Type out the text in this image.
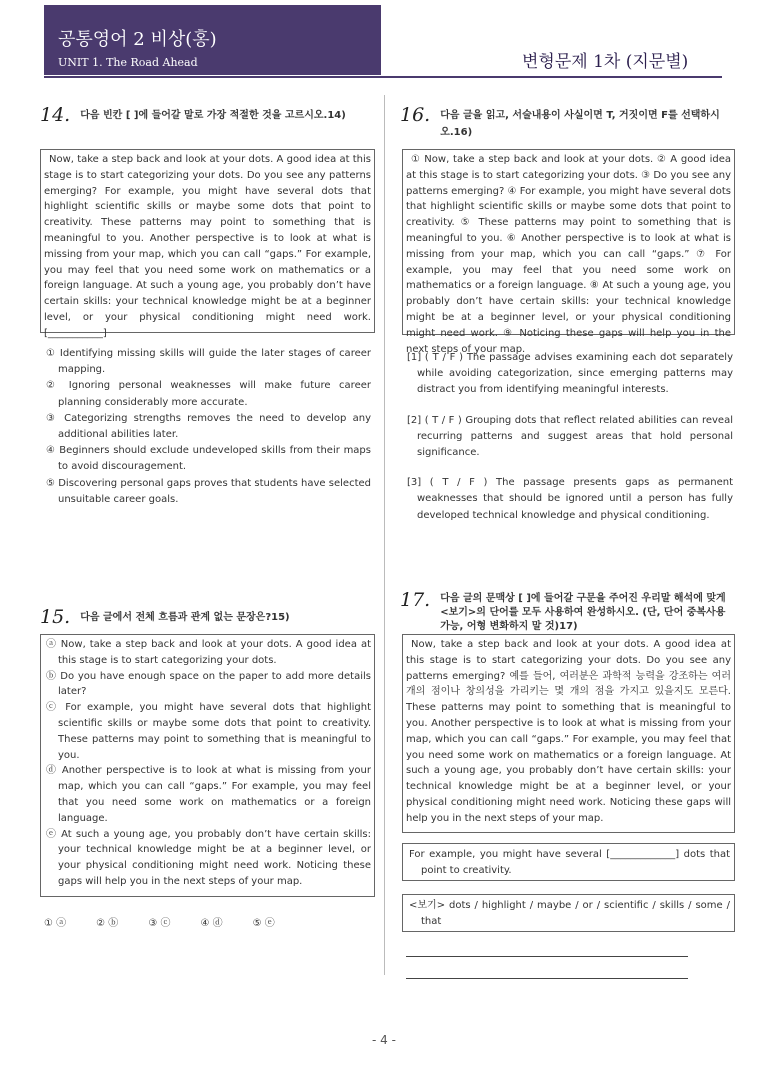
공통영어 2 비상(홍)
UNIT 1. The Road Ahead	변형문제 1차 (지문별)
14. 다음 빈칸 [ ]에 들어갈 말로 가장 적절한 것을 고르시오.14)

Now, take a step back and look at your dots. A good idea at this stage is to start categorizing your dots. Do you see any patterns emerging? For example, you might have several dots that highlight scientific skills or maybe some dots that point to creativity. These patterns may point to something that is meaningful to you. Another perspective is to look at what is missing from your map, which you can call “gaps.” For example, you may feel that you need some work on mathematics or a foreign language. At such a young age, you probably don’t have certain skills: your technical knowledge might be at a beginner level, or your physical conditioning might need work. [___________]

① Identifying missing skills will guide the later stages of career mapping.
② Ignoring personal weaknesses will make future career planning considerably more accurate.
③ Categorizing strengths removes the need to develop any additional abilities later.
④ Beginners should exclude undeveloped skills from their maps to avoid discouragement.
⑤ Discovering personal gaps proves that students have selected unsuitable career goals.
15. 다음 글에서 전체 흐름과 관계 없는 문장은?15)
ⓐ Now, take a step back and look at your dots. A good idea at this stage is to start categorizing your dots.
ⓑ Do you have enough space on the paper to add more details later?
ⓒ For example, you might have several dots that highlight scientific skills or maybe some dots that point to creativity. These patterns may point to something that is meaningful to you.
ⓓ Another perspective is to look at what is missing from your map, which you can call “gaps.” For example, you may feel that you need some work on mathematics or a foreign language.
ⓔ At such a young age, you probably don’t have certain skills: your technical knowledge might be at a beginner level, or your physical conditioning might need work. Noticing these gaps will help you in the next steps of your map.
① ⓐ	② ⓑ	③ ⓒ	④ ⓓ	⑤ ⓔ
16. 다음 글을 읽고, 서술내용이 사실이면 T, 거짓이면 F를 선택하시오.16)

① Now, take a step back and look at your dots. ② A good idea at this stage is to start categorizing your dots. ③ Do you see any patterns emerging? ④ For example, you might have several dots that highlight scientific skills or maybe some dots that point to creativity. ⑤ These patterns may point to something that is meaningful to you. ⑥ Another perspective is to look at what is missing from your map, which you can call “gaps.” ⑦ For example, you may feel that you need some work on mathematics or a foreign language. ⑧ At such a young age, you probably don’t have certain skills: your technical knowledge might be at a beginner level, or your physical conditioning might need work. ⑨ Noticing these gaps will help you in the next steps of your map.

[1] ( T / F ) The passage advises examining each dot separately while avoiding categorization, since emerging patterns may distract you from identifying meaningful interests.
[2] ( T / F ) Grouping dots that reflect related abilities can reveal recurring patterns and suggest areas that hold personal significance.
[3] ( T / F ) The passage presents gaps as permanent weaknesses that should be ignored until a person has fully developed technical knowledge and physical conditioning.
17. 다음 글의 문맥상 [ ]에 들어갈 구문을 주어진 우리말 해석에 맞게 <보기>의 단어를 모두 사용하여 완성하시오. (단, 단어 중복사용 가능, 어형 변화하지 말 것)17)

Now, take a step back and look at your dots. A good idea at this stage is to start categorizing your dots. Do you see any patterns emerging? 예를 들어, 여러분은 과학적 능력을 강조하는 여러 개의 점이나 창의성을 가리키는 몇 개의 점을 가지고 있을지도 모른다. These patterns may point to something that is meaningful to you. Another perspective is to look at what is missing from your map, which you can call “gaps.” For example, you may feel that you need some work on mathematics or a foreign language. At such a young age, you probably don’t have certain skills: your technical knowledge might be at a beginner level, or your physical conditioning might need work. Noticing these gaps will help you in the next steps of your map.

For example, you might have several [_____________] dots that point to creativity.
<보기> dots / highlight / maybe / or / scientific / skills / some / that
- 4 -
